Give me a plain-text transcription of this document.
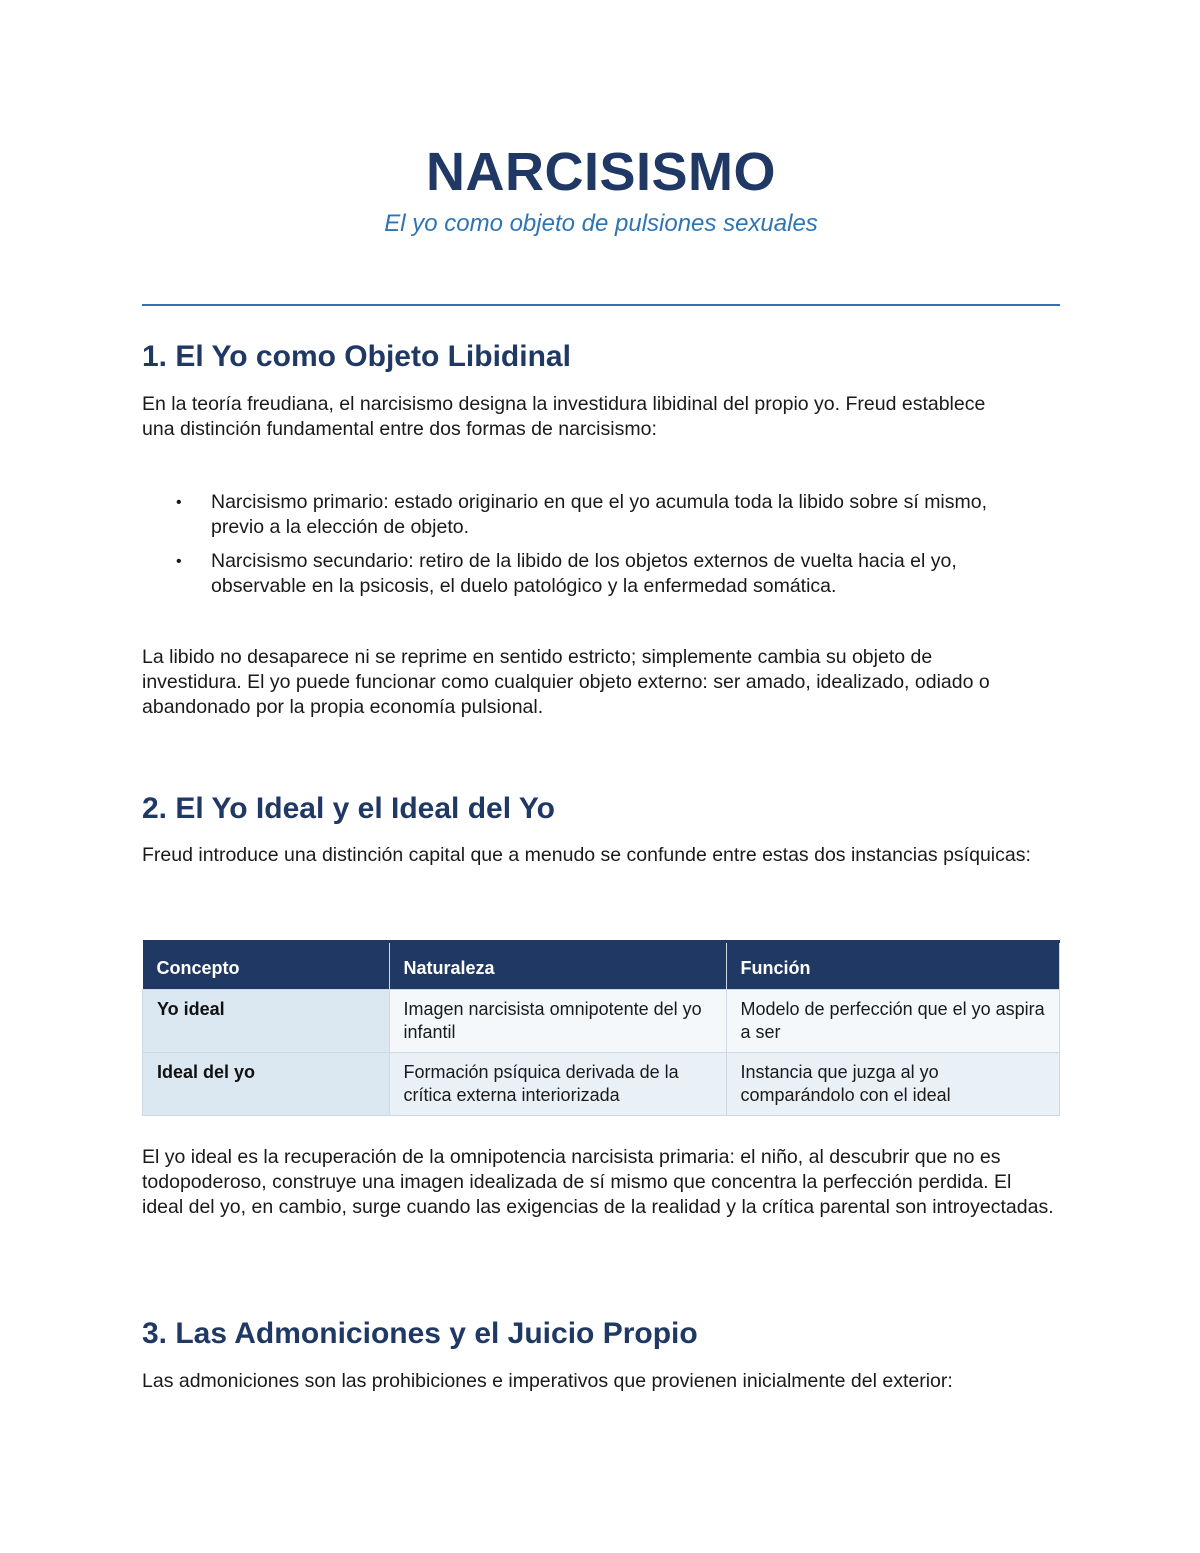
NARCISISMO
El yo como objeto de pulsiones sexuales
1. El Yo como Objeto Libidinal

En la teoría freudiana, el narcisismo designa la investidura libidinal del propio yo. Freud establece una distinción fundamental entre dos formas de narcisismo:

• Narcisismo primario: estado originario en que el yo acumula toda la libido sobre sí mismo, previo a la elección de objeto.
• Narcisismo secundario: retiro de la libido de los objetos externos de vuelta hacia el yo, observable en la psicosis, el duelo patológico y la enfermedad somática.

La libido no desaparece ni se reprime en sentido estricto; simplemente cambia su objeto de investidura. El yo puede funcionar como cualquier objeto externo: ser amado, idealizado, odiado o abandonado por la propia economía pulsional.

2. El Yo Ideal y el Ideal del Yo

Freud introduce una distinción capital que a menudo se confunde entre estas dos instancias psíquicas:

Concepto	Naturaleza	Función
Yo ideal	Imagen narcisista omnipotente del yo infantil	Modelo de perfección que el yo aspira a ser
Ideal del yo	Formación psíquica derivada de la crítica externa interiorizada	Instancia que juzga al yo comparándolo con el ideal

El yo ideal es la recuperación de la omnipotencia narcisista primaria: el niño, al descubrir que no es todopoderoso, construye una imagen idealizada de sí mismo que concentra la perfección perdida. El ideal del yo, en cambio, surge cuando las exigencias de la realidad y la crítica parental son introyectadas.

3. Las Admoniciones y el Juicio Propio

Las admoniciones son las prohibiciones e imperativos que provienen inicialmente del exterior:
